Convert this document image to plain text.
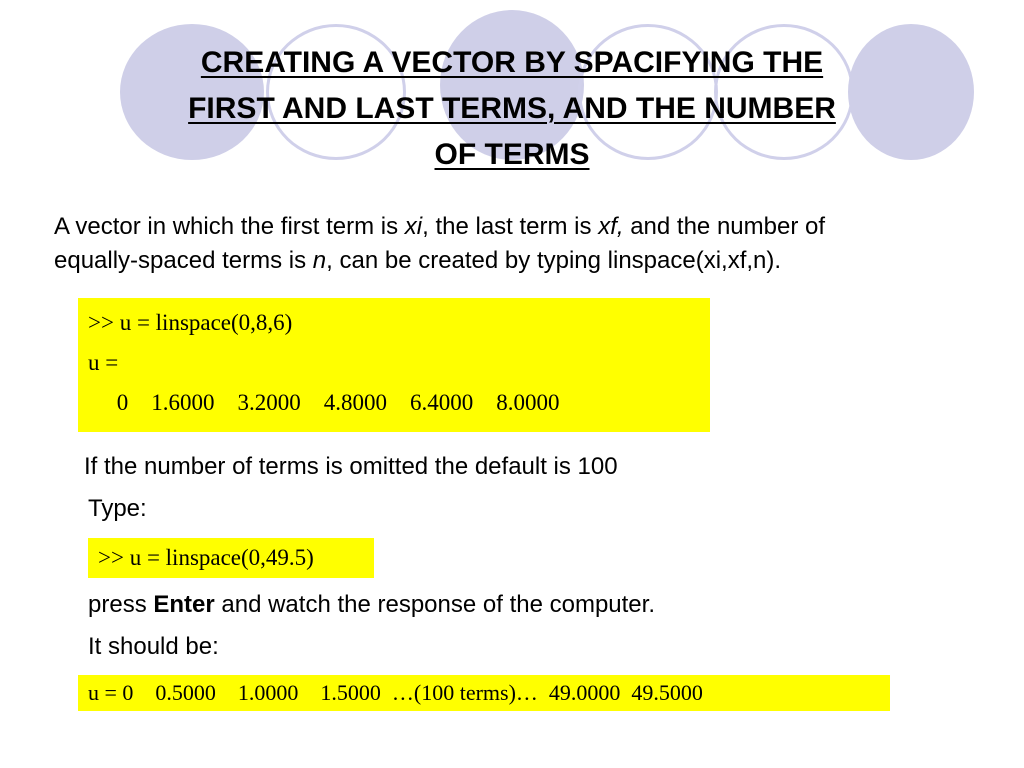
CREATING A VECTOR BY SPACIFYING THE
FIRST AND LAST TERMS, AND THE NUMBER
OF TERMS
A vector in which the first term is xi, the last term is xf, and the number of
equally-spaced terms is n, can be created by typing linspace(xi,xf,n).

>> u = linspace(0,8,6)

u =

0    1.6000    3.2000    4.8000    6.4000    8.0000

If the number of terms is omitted the default is 100
Type:
>> u = linspace(0,49.5)
press Enter and watch the response of the computer.
It should be:
u = 0    0.5000    1.0000    1.5000  …(100 terms)…  49.0000  49.5000
